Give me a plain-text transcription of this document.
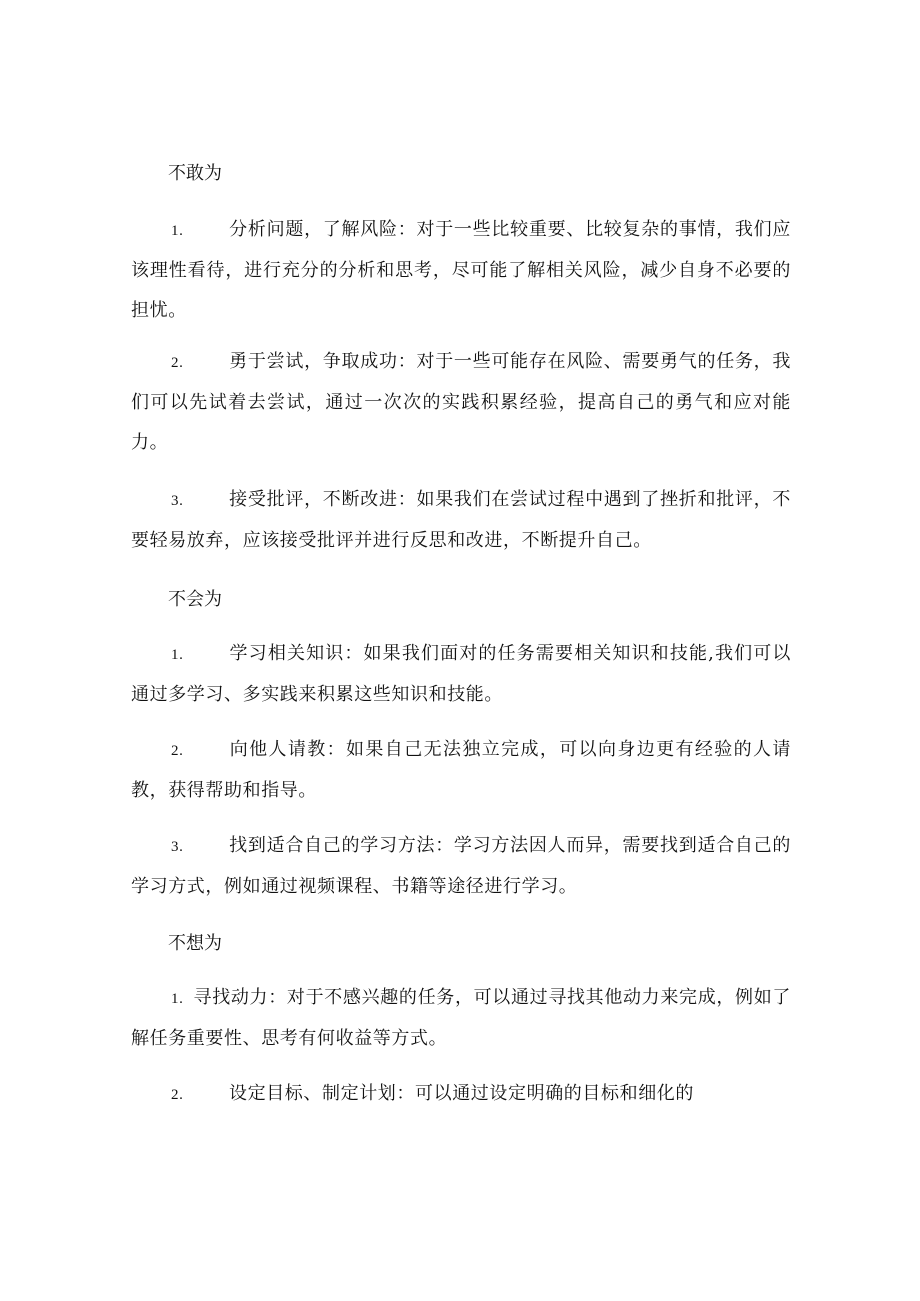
不敢为
1.	分析问题，了解风险：对于一些比较重要、比较复杂的事情，我们应该理性看待，进行充分的分析和思考，尽可能了解相关风险，减少自身不必要的担忧。
2.	勇于尝试，争取成功：对于一些可能存在风险、需要勇气的任务，我们可以先试着去尝试，通过一次次的实践积累经验，提高自己的勇气和应对能力。
3.	接受批评，不断改进：如果我们在尝试过程中遇到了挫折和批评，不要轻易放弃，应该接受批评并进行反思和改进，不断提升自己。
不会为
1.	学习相关知识：如果我们面对的任务需要相关知识和技能,我们可以通过多学习、多实践来积累这些知识和技能。
2.	向他人请教：如果自己无法独立完成，可以向身边更有经验的人请教，获得帮助和指导。
3.	找到适合自己的学习方法：学习方法因人而异，需要找到适合自己的学习方式，例如通过视频课程、书籍等途径进行学习。
不想为
1. 寻找动力：对于不感兴趣的任务，可以通过寻找其他动力来完成，例如了解任务重要性、思考有何收益等方式。
2.	设定目标、制定计划：可以通过设定明确的目标和细化的
